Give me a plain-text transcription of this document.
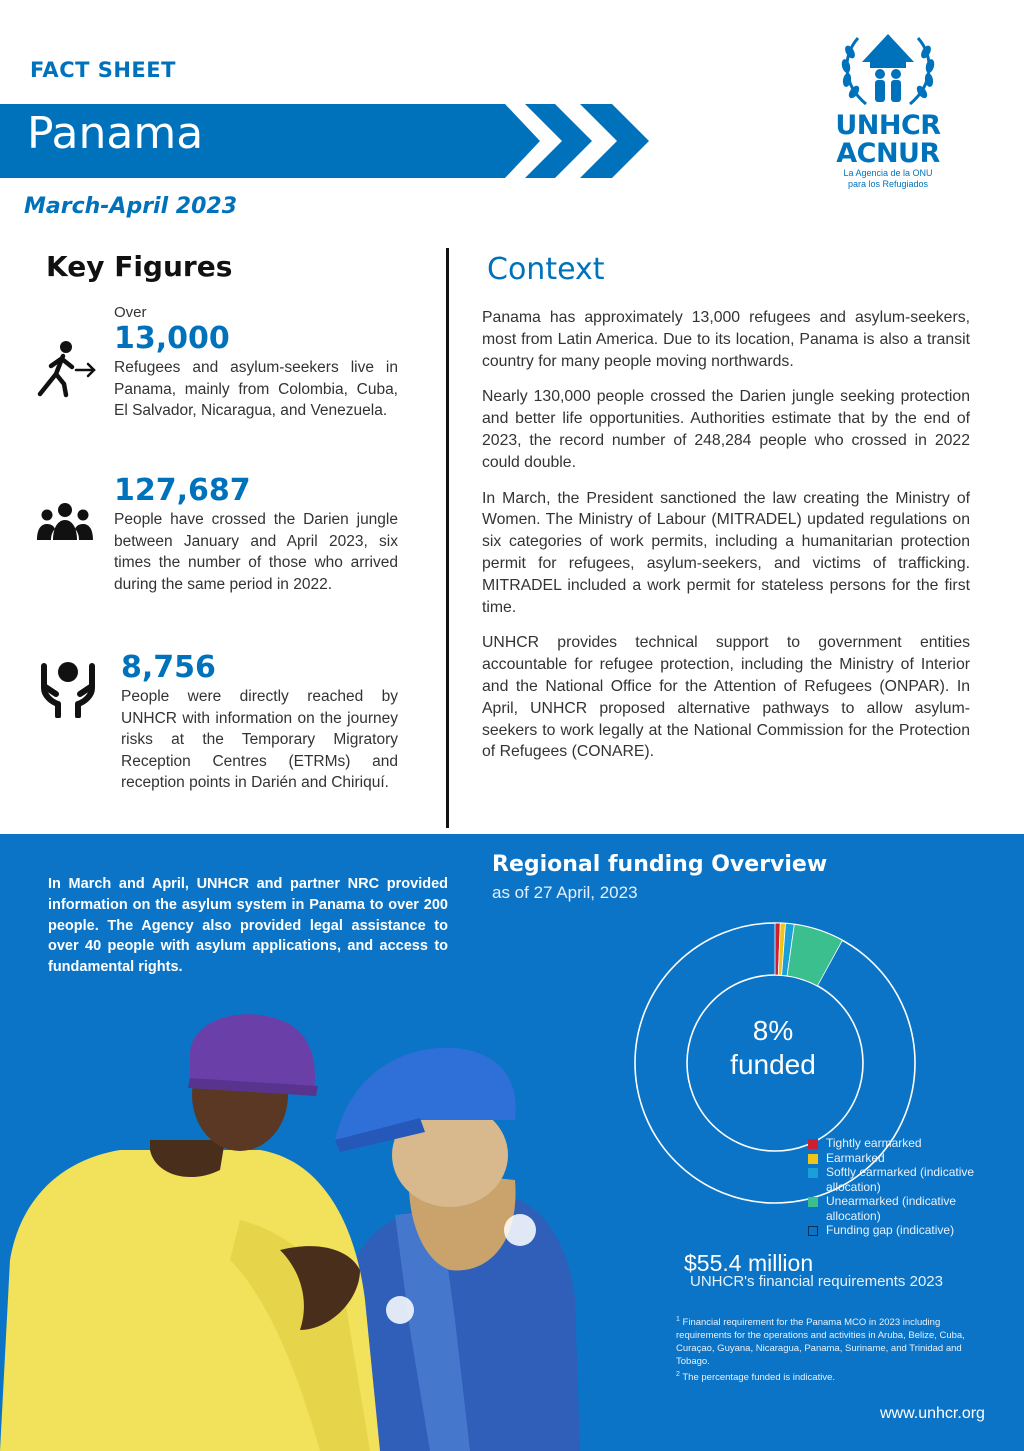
FACT SHEET
Panama
March-April 2023
UNHCR
ACNUR
La Agencia de la ONU
para los Refugiados
Key Figures
Over
13,000
Refugees and asylum-seekers live in Panama, mainly from Colombia, Cuba, El Salvador, Nicaragua, and Venezuela.
127,687
People have crossed the Darien jungle between January and April 2023, six times the number of those who arrived during the same period in 2022.
8,756
People were directly reached by UNHCR with information on the journey risks at the Temporary Migratory Reception Centres (ETRMs) and reception points in Darién and Chiriquí.
Context

Panama has approximately 13,000 refugees and asylum-seekers, most from Latin America. Due to its location, Panama is also a transit country for many people moving northwards.

Nearly 130,000 people crossed the Darien jungle seeking protection and better life opportunities. Authorities estimate that by the end of 2023, the record number of 248,284 people who crossed in 2022 could double.

In March, the President sanctioned the law creating the Ministry of Women. The Ministry of Labour (MITRADEL) updated regulations on six categories of work permits, including a humanitarian protection permit for refugees, asylum-seekers, and victims of trafficking. MITRADEL included a work permit for stateless persons for the first time.

UNHCR provides technical support to government entities accountable for refugee protection, including the Ministry of Interior and the National Office for the Attention of Refugees (ONPAR). In April, UNHCR proposed alternative pathways to allow asylum-seekers to work legally at the National Commission for the Protection of Refugees (CONARE).

In March and April, UNHCR and partner NRC provided information on the asylum system in Panama to over 200 people. The Agency also provided legal assistance to over 40 people with asylum applications, and access to fundamental rights.
Regional funding Overview
as of 27 April, 2023
8%
funded
Tightly earmarked
Earmarked
Softly earmarked (indicative allocation)
Unearmarked (indicative allocation)
Funding gap (indicative)
$55.4 million
UNHCR's financial requirements 2023
$^1$ Financial requirement for the Panama MCO in 2023 including requirements for the operations and activities in Aruba, Belize, Cuba, Curaçao, Guyana, Nicaragua, Panama, Suriname, and Trinidad and Tobago.
$^2$ The percentage funded is indicative.
www.unhcr.org
